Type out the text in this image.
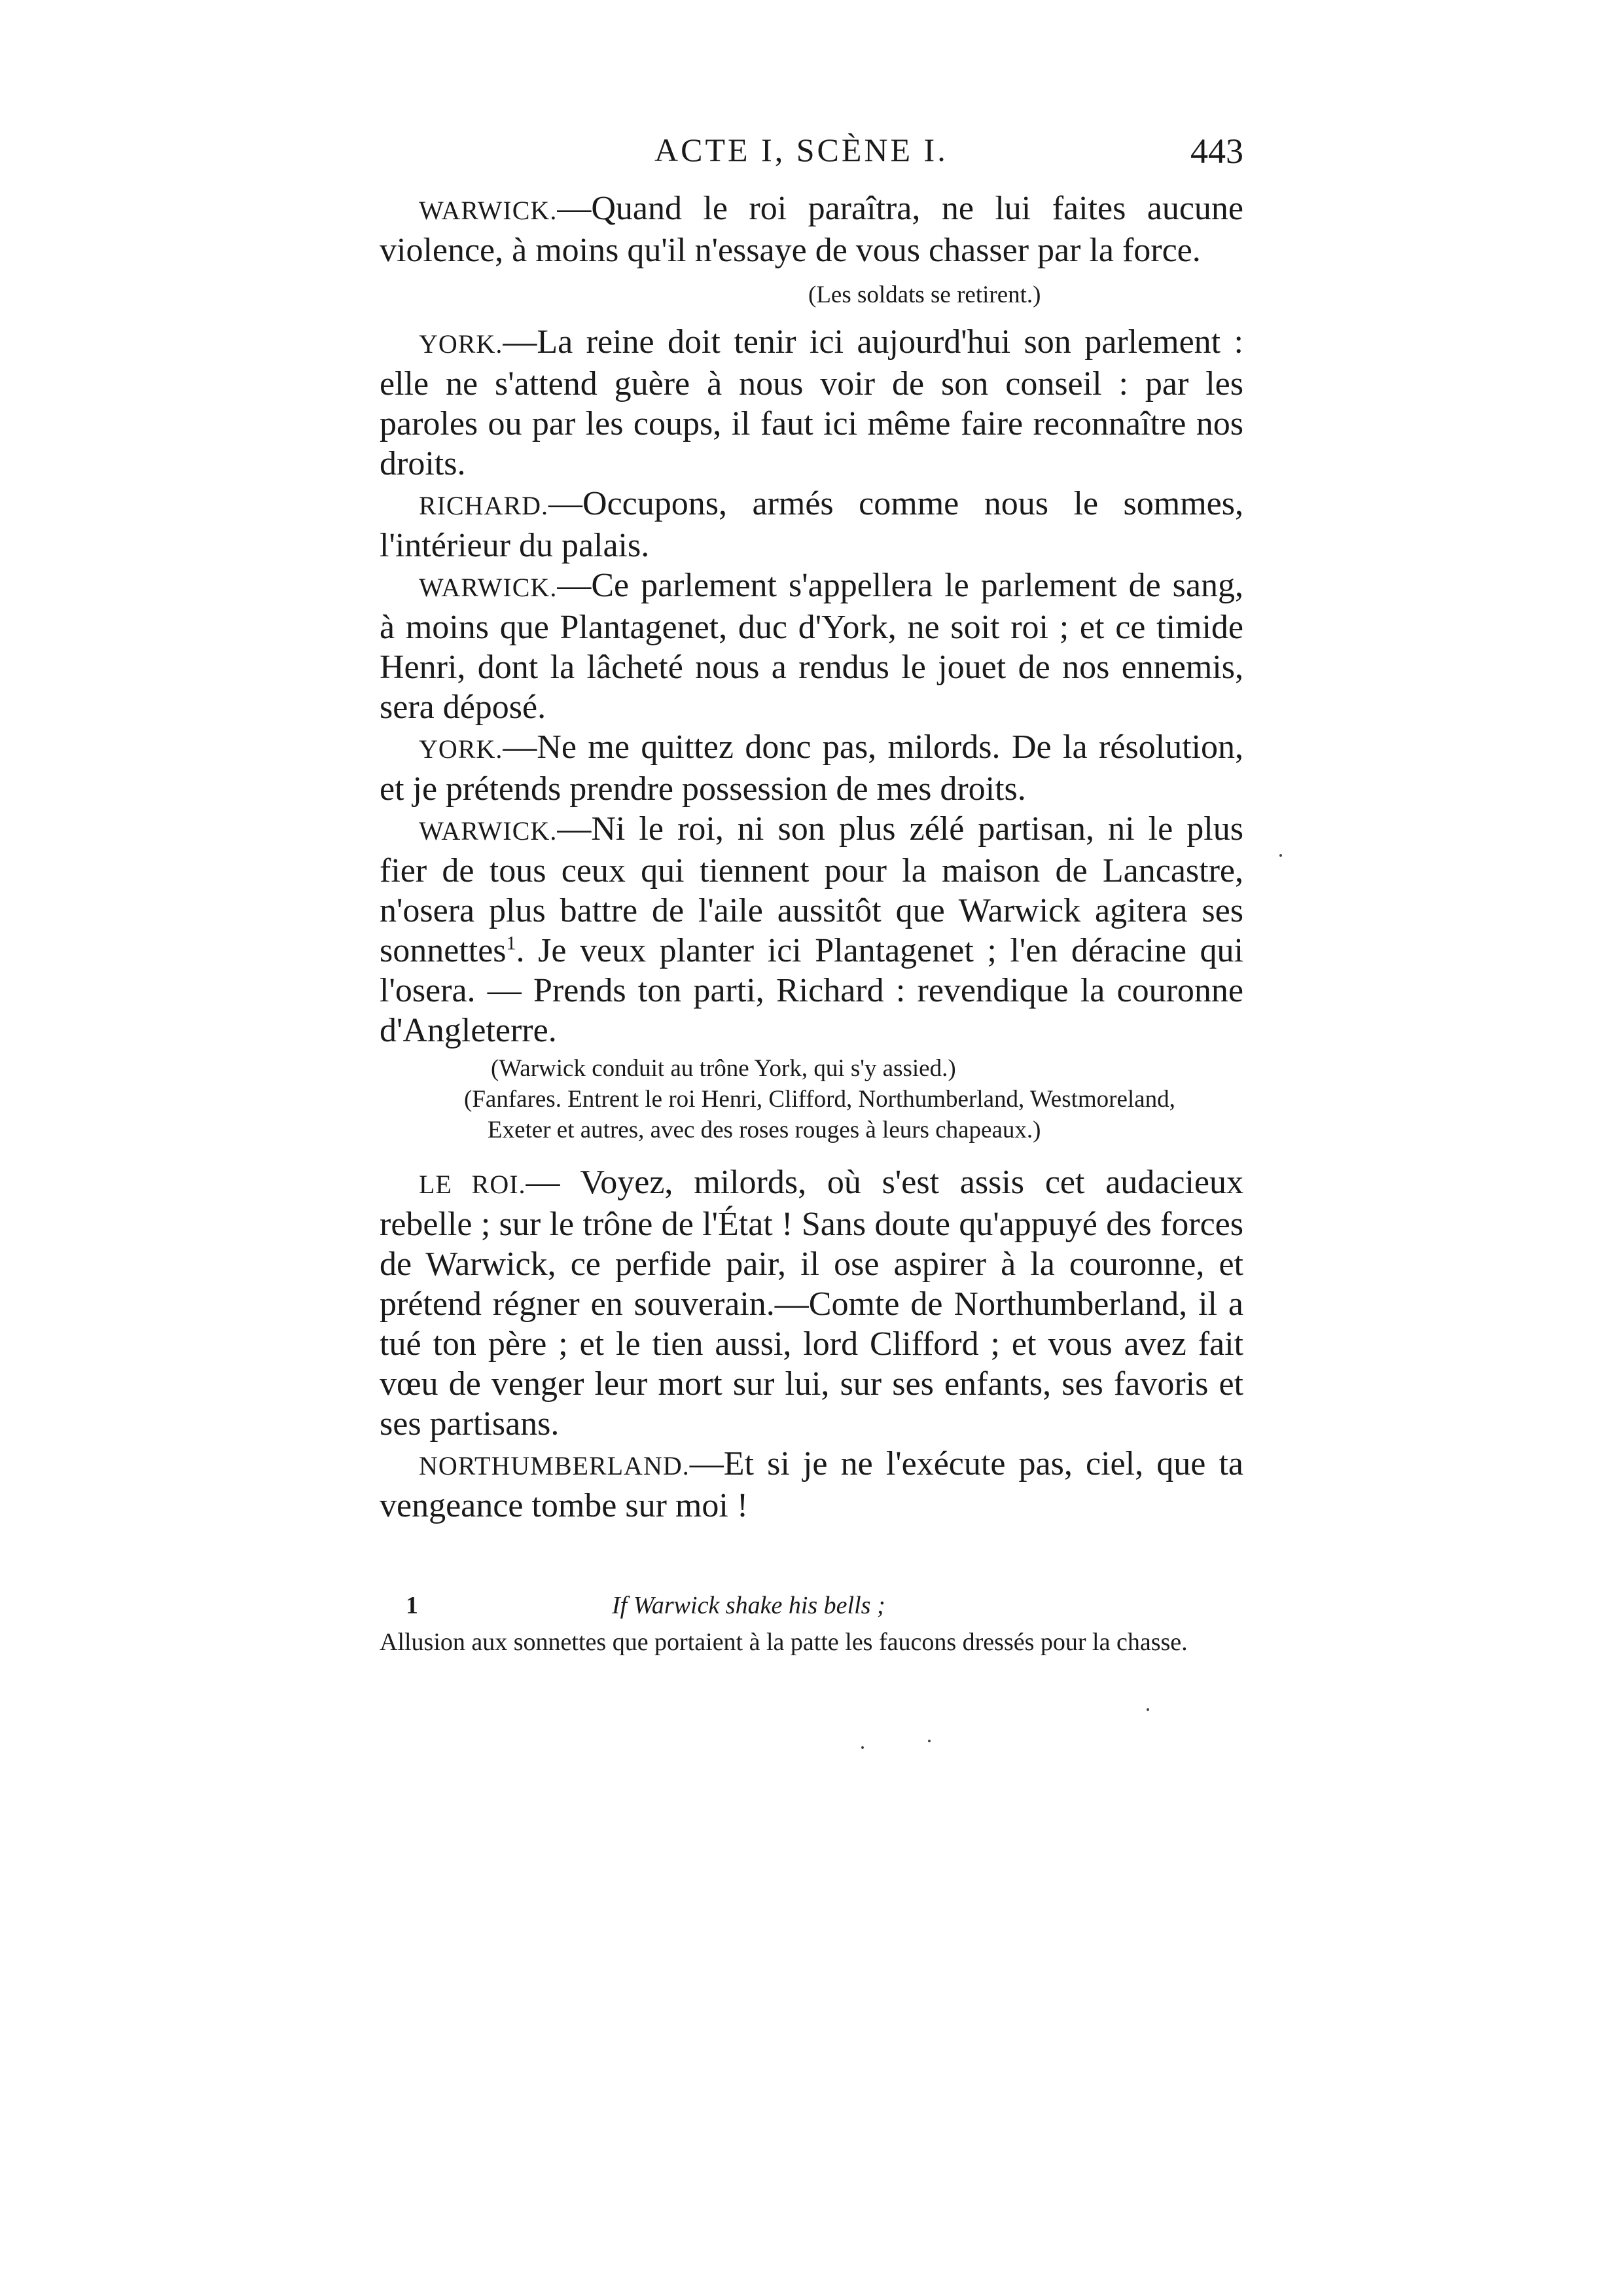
ACTE I, SCÈNE I.	443

WARWICK.—Quand le roi paraîtra, ne lui faites aucune violence, à moins qu'il n'essaye de vous chasser par la force.

(Les soldats se retirent.)

YORK.—La reine doit tenir ici aujourd'hui son parlement : elle ne s'attend guère à nous voir de son conseil : par les paroles ou par les coups, il faut ici même faire reconnaître nos droits.

RICHARD.—Occupons, armés comme nous le sommes, l'intérieur du palais.

WARWICK.—Ce parlement s'appellera le parlement de sang, à moins que Plantagenet, duc d'York, ne soit roi ; et ce timide Henri, dont la lâcheté nous a rendus le jouet de nos ennemis, sera déposé.

YORK.—Ne me quittez donc pas, milords. De la résolution, et je prétends prendre possession de mes droits.

WARWICK.—Ni le roi, ni son plus zélé partisan, ni le plus fier de tous ceux qui tiennent pour la maison de Lancastre, n'osera plus battre de l'aile aussitôt que Warwick agitera ses sonnettes$^1$. Je veux planter ici Plantagenet ; l'en déracine qui l'osera. — Prends ton parti, Richard : revendique la couronne d'Angleterre.

(Warwick conduit au trône York, qui s'y assied.)
(Fanfares. Entrent le roi Henri, Clifford, Northumberland, Westmoreland, Exeter et autres, avec des roses rouges à leurs chapeaux.)

LE ROI.— Voyez, milords, où s'est assis cet audacieux rebelle ; sur le trône de l'État ! Sans doute qu'appuyé des forces de Warwick, ce perfide pair, il ose aspirer à la couronne, et prétend régner en souverain.—Comte de Northumberland, il a tué ton père ; et le tien aussi, lord Clifford ; et vous avez fait vœu de venger leur mort sur lui, sur ses enfants, ses favoris et ses partisans.

NORTHUMBERLAND.—Et si je ne l'exécute pas, ciel, que ta vengeance tombe sur moi !

1	If Warwick shake his bells ;

Allusion aux sonnettes que portaient à la patte les faucons dressés pour la chasse.
